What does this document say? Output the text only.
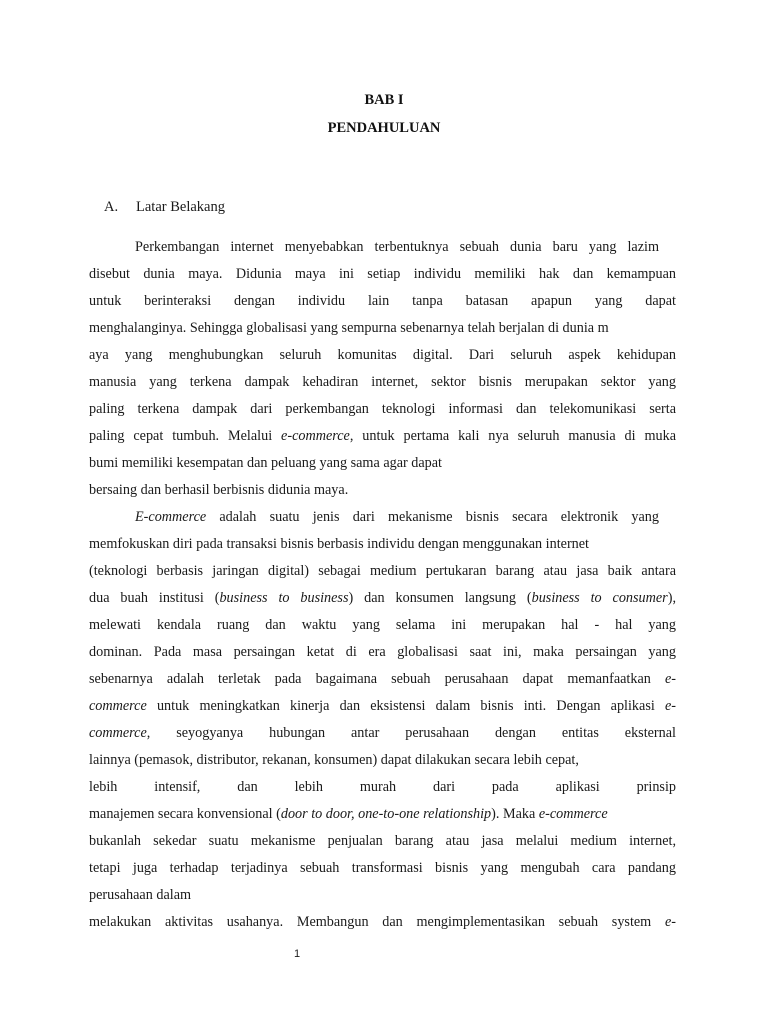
BAB I
PENDAHULUAN
A. Latar Belakang
Perkembangan internet menyebabkan terbentuknya sebuah dunia baru yang lazim
disebut dunia maya. Didunia maya ini setiap individu memiliki hak dan kemampuan
untuk berinteraksi dengan individu lain tanpa batasan apapun yang dapat
menghalanginya. Sehingga globalisasi yang sempurna sebenarnya telah berjalan di dunia m
aya yang menghubungkan seluruh komunitas digital. Dari seluruh aspek kehidupan
manusia yang terkena dampak kehadiran internet, sektor bisnis merupakan sektor yang
paling terkena dampak dari perkembangan teknologi informasi dan telekomunikasi serta
paling cepat tumbuh. Melalui e-commerce, untuk pertama kali nya seluruh manusia di muka
bumi memiliki kesempatan dan peluang yang sama agar dapat
bersaing dan berhasil berbisnis didunia maya.
E-commerce adalah suatu jenis dari mekanisme bisnis secara elektronik yang
memfokuskan diri pada transaksi bisnis berbasis individu dengan menggunakan internet
(teknologi berbasis jaringan digital) sebagai medium pertukaran barang atau jasa baik antara
dua buah institusi (business to business) dan konsumen langsung (business to consumer),
melewati kendala ruang dan waktu yang selama ini merupakan hal - hal yang
dominan. Pada masa persaingan ketat di era globalisasi saat ini, maka persaingan yang
sebenarnya adalah terletak pada bagaimana sebuah perusahaan dapat memanfaatkan e-
commerce untuk meningkatkan kinerja dan eksistensi dalam bisnis inti. Dengan aplikasi e-
commerce, seyogyanya hubungan antar perusahaan dengan entitas eksternal
lainnya (pemasok, distributor, rekanan, konsumen) dapat dilakukan secara lebih cepat,
lebih intensif, dan lebih murah dari pada aplikasi prinsip
manajemen secara konvensional (door to door, one-to-one relationship). Maka e-commerce
bukanlah sekedar suatu mekanisme penjualan barang atau jasa melalui medium internet,
tetapi juga terhadap terjadinya sebuah transformasi bisnis yang mengubah cara pandang
perusahaan dalam
melakukan aktivitas usahanya. Membangun dan mengimplementasikan sebuah system e-
1
